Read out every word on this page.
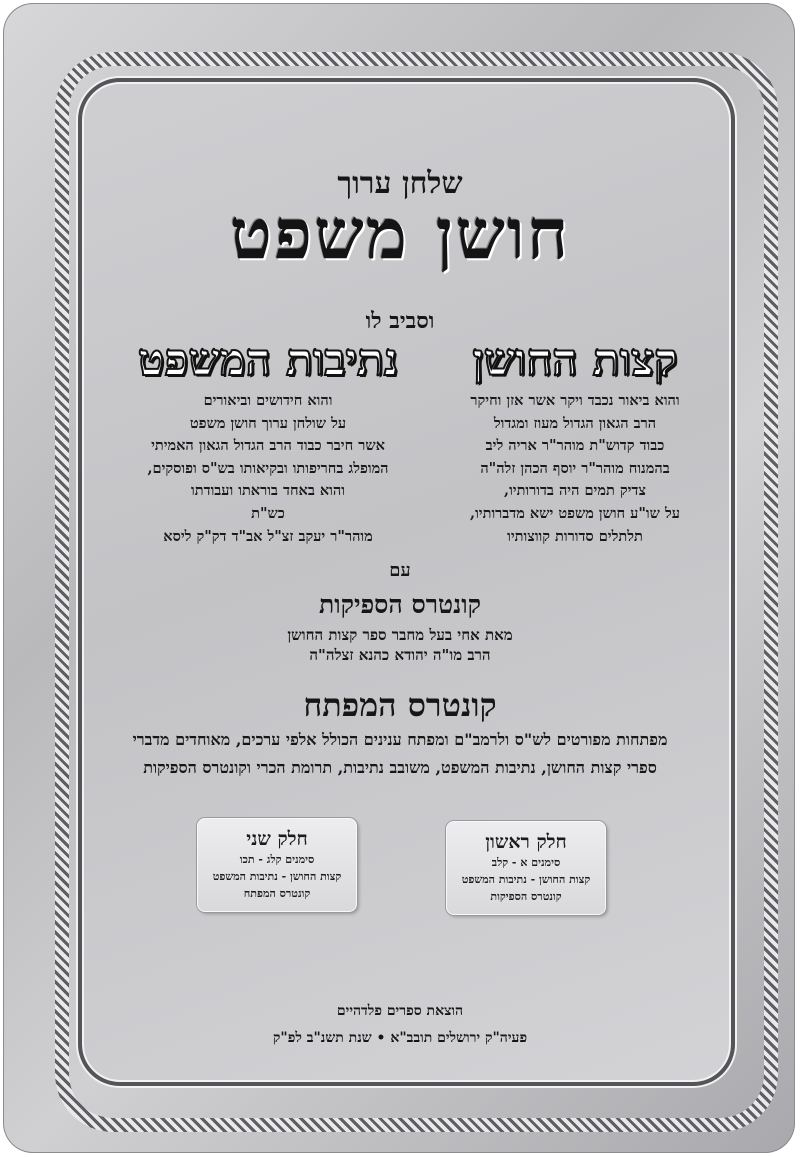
שלחן ערוך
חושן משפט
וסביב לו
קצות החושן
והוא ביאור נכבד ויקר אשר אזן וחיקר
הרב הגאון הגדול מעוז ומגדול
כבוד קדוש"ת מוהר"ר אריה ליב
בהמנוח מוהר"ר יוסף הכהן זלה"ה
צדיק תמים היה בדורותיו,
על שו"ע חושן משפט ישא מדברותיו,
תלתלים סדורות קווצותיו
נתיבות המשפט
והוא חידושים וביאורים
על שולחן ערוך חושן משפט
אשר חיבר כבוד הרב הגדול הגאון האמיתי
המופלג בחריפותו ובקיאותו בש"ס ופוסקים,
והוא באחד בוראתו ועבודתו
כש"ת
מוהר"ר יעקב זצ"ל אב"ד דק"ק ליסא
עם
קונטרס הספיקות
מאת אחי בעל מחבר ספר קצות החושן
הרב מו"ה יהודא כהנא זצלה"ה
קונטרס המפתח
מפתחות מפורטים לש"ס ולרמב"ם ומפתח ענינים הכולל אלפי ערכים, מאוחדים מדברי
ספרי קצות החושן, נתיבות המשפט, משובב נתיבות, תרומת הכרי וקונטרס הספיקות
חלק ראשון
סימנים א - קלב
קצות החושן - נתיבות המשפט
קונטרס הספיקות
חלק שני
סימנים קלג - תכו
קצות החושן - נתיבות המשפט
קונטרס המפתח
הוצאת ספרים פלדהיים
פעיה"ק ירושלים תובב"א • שנת תשנ"ב לפ"ק
